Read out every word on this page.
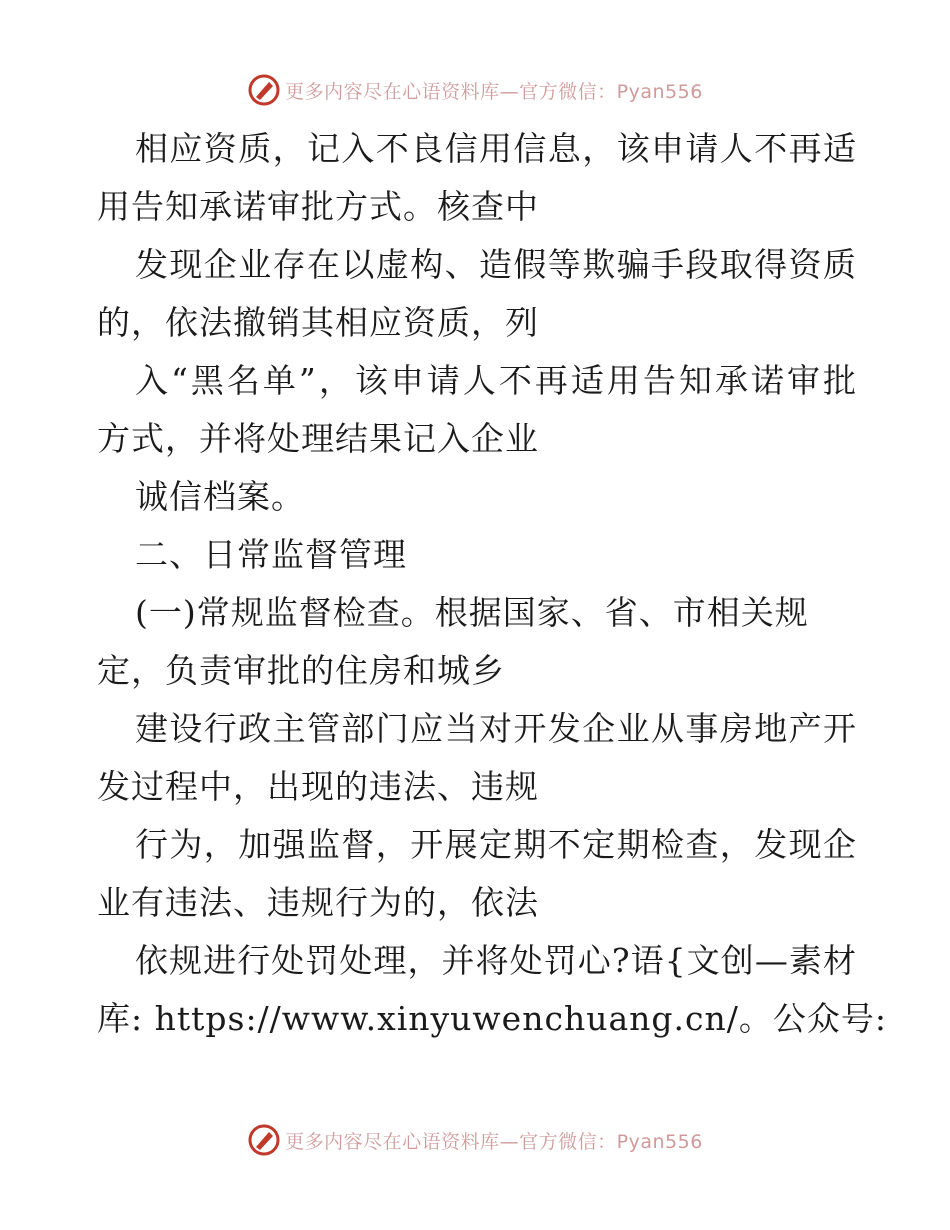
更多内容尽在心语资料库—官方微信：Pyan556
相应资质，记入不良信用信息，该申请人不再适
用告知承诺审批方式。核查中
发现企业存在以虚构、造假等欺骗手段取得资质
的，依法撤销其相应资质，列
入“黑名单”，该申请人不再适用告知承诺审批
方式，并将处理结果记入企业
诚信档案。
二、日常监督管理
(一)常规监督检查。根据国家、省、市相关规
定，负责审批的住房和城乡
建设行政主管部门应当对开发企业从事房地产开
发过程中，出现的违法、违规
行为，加强监督，开展定期不定期检查，发现企
业有违法、违规行为的，依法
依规进行处罚处理，并将处罚心?语{文创—素材
库: https://www.xinyuwenchuang.cn/。公众号:
更多内容尽在心语资料库—官方微信：Pyan556
